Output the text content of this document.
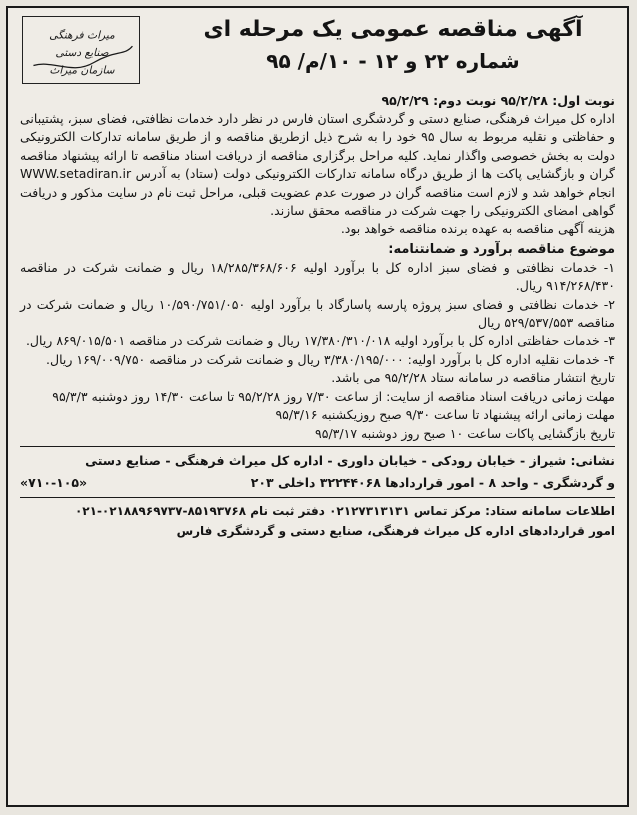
آگهی مناقصه عمومی یک مرحله ای
شماره ۲۲ و ۱۲ - ۱۰/م/ ۹۵
میراث فرهنگی
صنایع دستی
سازمان میراث

نوبت اول: ۹۵/۲/۲۸ نوبت دوم: ۹۵/۲/۲۹

اداره کل میراث فرهنگی، صنایع دستی و گردشگری استان فارس در نظر دارد خدمات نظافتی، فضای سبز، پشتیبانی و حفاظتی و نقلیه مربوط به سال ۹۵ خود را به شرح ذیل ازطریق مناقصه و از طریق سامانه تدارکات الکترونیکی دولت به بخش خصوصی واگذار نماید. کلیه مراحل برگزاری مناقصه از دریافت اسناد مناقصه تا ارائه پیشنهاد مناقصه گران و بازگشایی پاکت ها از طریق درگاه سامانه تدارکات الکترونیکی دولت (ستاد) به آدرس WWW.setadiran.ir انجام خواهد شد و لازم است مناقصه گران در صورت عدم عضویت قبلی، مراحل ثبت نام در سایت مذکور و دریافت گواهی امضای الکترونیکی را جهت شرکت در مناقصه محقق سازند.

هزینه آگهی مناقصه به عهده برنده مناقصه خواهد بود.

موضوع مناقصه برآورد و ضمانتنامه:

۱- خدمات نظافتی و فضای سبز اداره کل با برآورد اولیه ۱۸/۲۸۵/۳۶۸/۶۰۶ ریال و ضمانت شرکت در مناقصه ۹۱۴/۲۶۸/۴۳۰ ریال.

۲- خدمات نظافتی و فضای سبز پروژه پارسه پاسارگاد با برآورد اولیه ۱۰/۵۹۰/۷۵۱/۰۵۰ ریال و ضمانت شرکت در مناقصه ۵۲۹/۵۳۷/۵۵۳ ریال

۳- خدمات حفاظتی اداره کل با برآورد اولیه ۱۷/۳۸۰/۳۱۰/۰۱۸ ریال و ضمانت شرکت در مناقصه ۸۶۹/۰۱۵/۵۰۱ ریال.

۴- خدمات نقلیه اداره کل با برآورد اولیه: ۳/۳۸۰/۱۹۵/۰۰۰ ریال و ضمانت شرکت در مناقصه ۱۶۹/۰۰۹/۷۵۰ ریال.

تاریخ انتشار مناقصه در سامانه ستاد ۹۵/۲/۲۸ می باشد.

مهلت زمانی دریافت اسناد مناقصه از سایت: از ساعت ۷/۳۰ روز ۹۵/۲/۲۸ تا ساعت ۱۴/۳۰ روز دوشنبه ۹۵/۳/۳

مهلت زمانی ارائه پیشنهاد تا ساعت ۹/۳۰ صبح روزیکشنبه ۹۵/۳/۱۶

تاریخ بازگشایی پاکات ساعت ۱۰ صبح روز دوشنبه ۹۵/۳/۱۷

نشانی: شیراز - خیابان رودکی - خیابان داوری - اداره کل میراث فرهنگی - صنایع دستی

و گردشگری - واحد ۸ - امور قراردادها ۳۲۲۴۴۰۶۸ داخلی ۲۰۳
«۷۱۰-۱۰۵»

اطلاعات سامانه ستاد: مرکز تماس ۰۲۱۲۷۳۱۳۱۳۱ دفتر ثبت نام ۸۵۱۹۳۷۶۸-۰۲۱۸۸۹۶۹۷۳۷-۰۲۱

امور قراردادهای اداره کل میراث فرهنگی، صنایع دستی و گردشگری فارس
